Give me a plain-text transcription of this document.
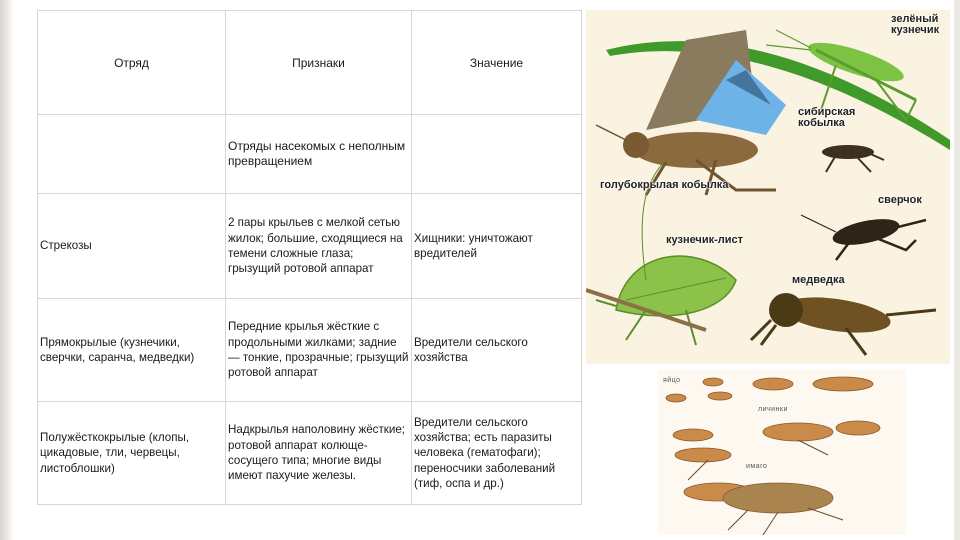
Отряд	Признаки	Значение
	Отряды насекомых с неполным превращением	
Стрекозы	2 пары крыльев с мелкой сетью жилок; большие, сходящиеся на темени сложные глаза; грызущий ротовой аппарат	Хищники: уничтожают вредителей
Прямокрылые (кузнечики, сверчки, саранча, медведки)	Передние крылья жёсткие с продольными жилками; задние — тонкие, прозрачные; грызущий ротовой аппарат	Вредители сельского хозяйства
Полужёсткокрылые (клопы, цикадовые, тли, червецы, листоблошки)	Надкрылья наполовину жёсткие; ротовой аппарат колюще-сосущего типа; многие виды имеют пахучие железы.	Вредители сельского хозяйства; есть паразиты человека (гематофаги); переносчики заболеваний (тиф, оспа и др.)
зелёный кузнечик
сибирская кобылка
голубокрылая кобылка
сверчок
кузнечик-лист
медведка
яйцо
личинки
имаго
